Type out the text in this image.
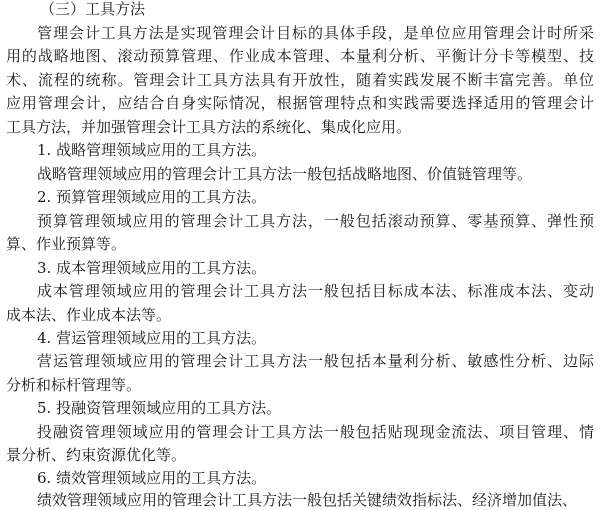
（三）工具方法
管理会计工具方法是实现管理会计目标的具体手段，是单位应用管理会计时所采
用的战略地图、滚动预算管理、作业成本管理、本量利分析、平衡计分卡等模型、技
术、流程的统称。管理会计工具方法具有开放性，随着实践发展不断丰富完善。单位
应用管理会计，应结合自身实际情况，根据管理特点和实践需要选择适用的管理会计
工具方法，并加强管理会计工具方法的系统化、集成化应用。
1. 战略管理领域应用的工具方法。
战略管理领域应用的管理会计工具方法一般包括战略地图、价值链管理等。
2. 预算管理领域应用的工具方法。
预算管理领域应用的管理会计工具方法，一般包括滚动预算、零基预算、弹性预
算、作业预算等。
3. 成本管理领域应用的工具方法。
成本管理领域应用的管理会计工具方法一般包括目标成本法、标准成本法、变动
成本法、作业成本法等。
4. 营运管理领域应用的工具方法。
营运管理领域应用的管理会计工具方法一般包括本量利分析、敏感性分析、边际
分析和标杆管理等。
5. 投融资管理领域应用的工具方法。
投融资管理领域应用的管理会计工具方法一般包括贴现现金流法、项目管理、情
景分析、约束资源优化等。
6. 绩效管理领域应用的工具方法。
绩效管理领域应用的管理会计工具方法一般包括关键绩效指标法、经济增加值法、
